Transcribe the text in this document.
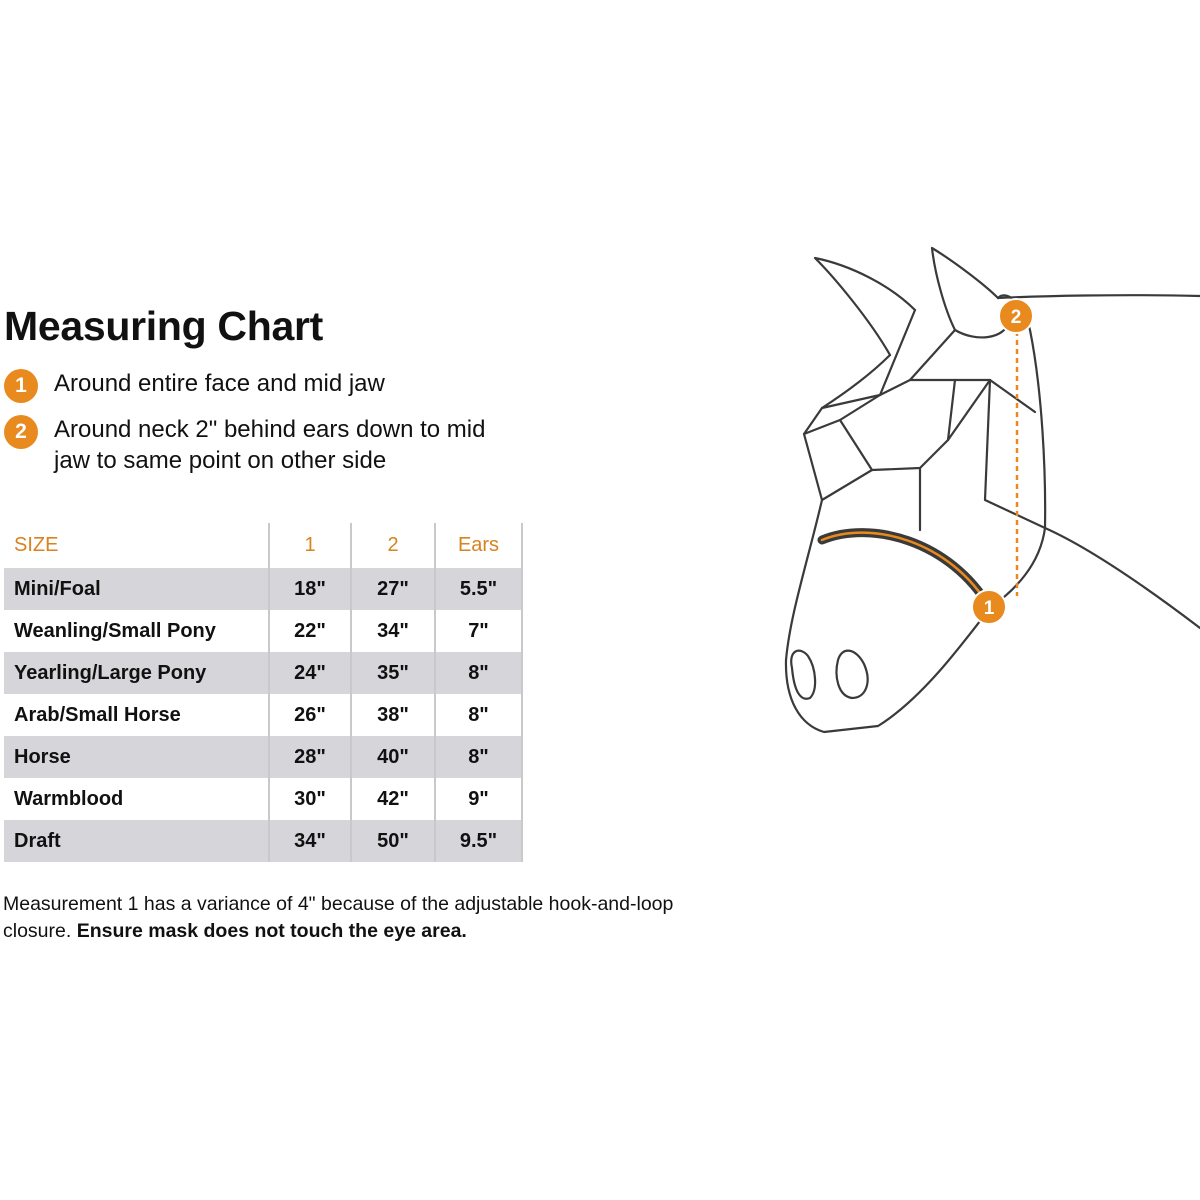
Measuring Chart
1	Around entire face and mid jaw
2	Around neck 2" behind ears down to mid jaw to same point on other side
SIZE	1	2	Ears
Mini/Foal	18"	27"	5.5"
Weanling/Small Pony	22"	34"	7"
Yearling/Large Pony	24"	35"	8"
Arab/Small Horse	26"	38"	8"
Horse	28"	40"	8"
Warmblood	30"	42"	9"
Draft	34"	50"	9.5"

Measurement 1 has a variance of 4" because of the adjustable hook-and-loop closure. Ensure mask does not touch the eye area.

1
2
